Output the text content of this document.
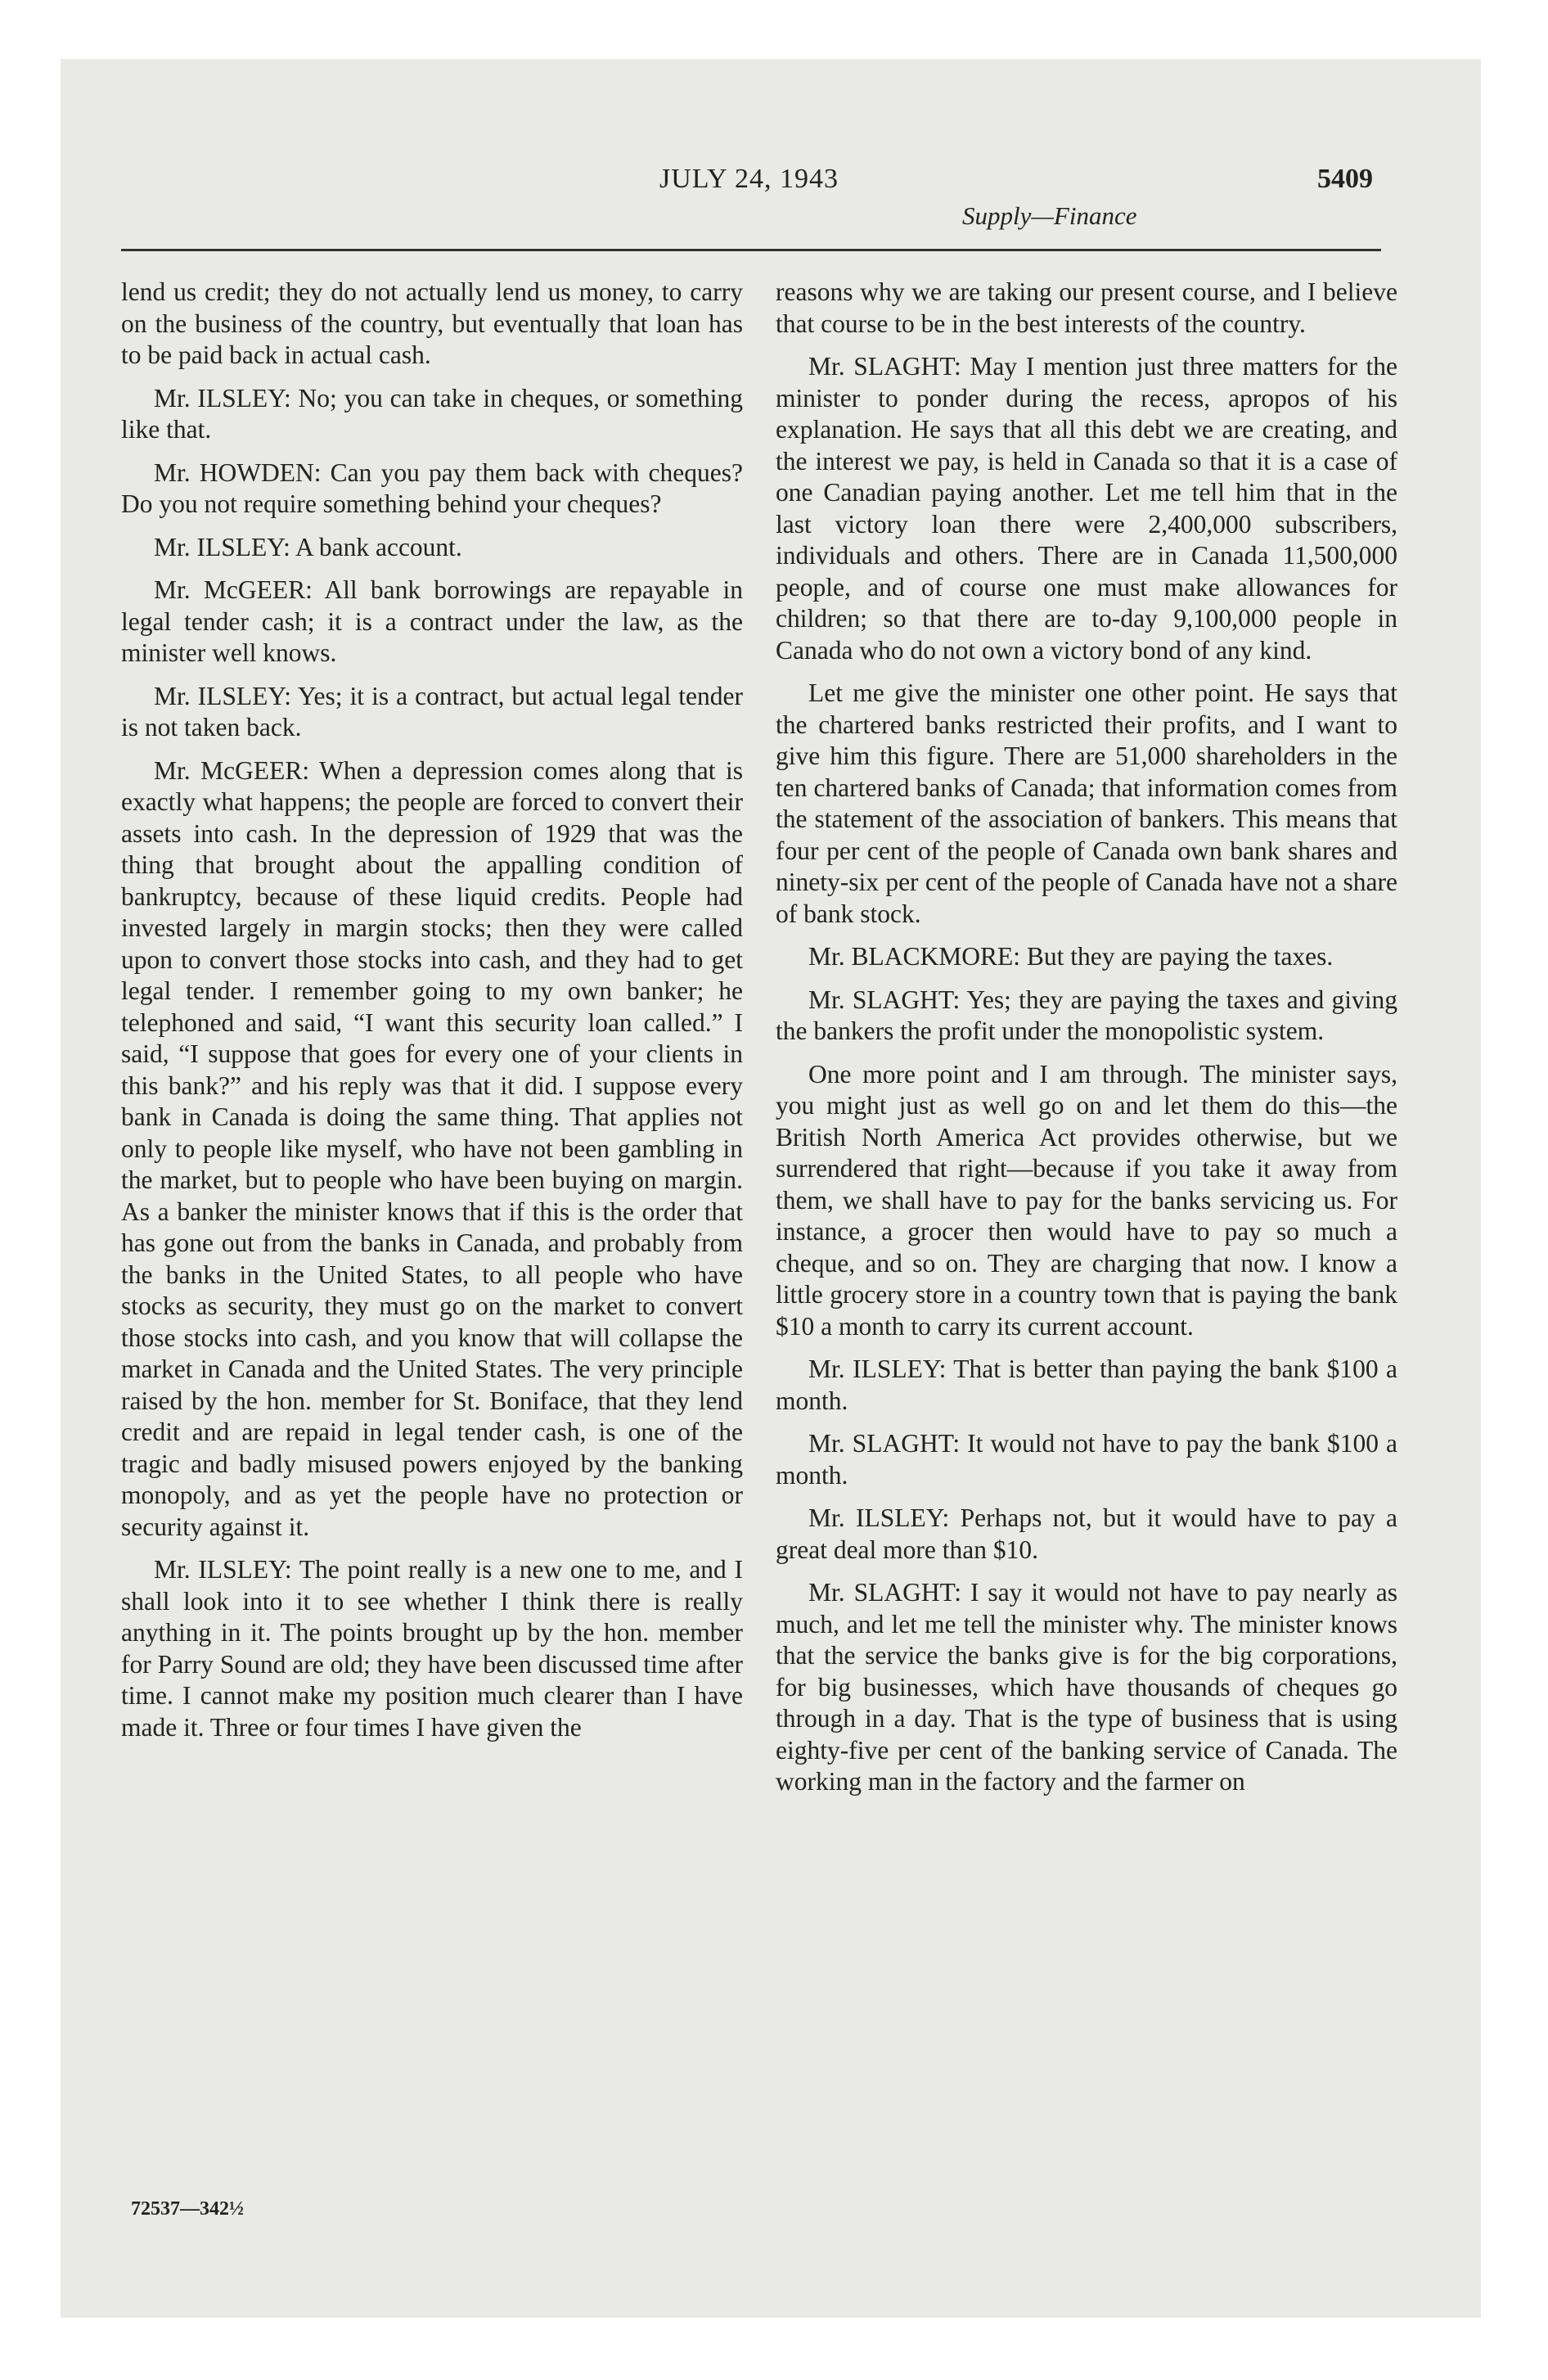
JULY 24, 1943
Supply—Finance
5409

lend us credit; they do not actually lend us money, to carry on the business of the country, but eventually that loan has to be paid back in actual cash.

Mr. ILSLEY: No; you can take in cheques, or something like that.

Mr. HOWDEN: Can you pay them back with cheques? Do you not require something behind your cheques?

Mr. ILSLEY: A bank account.

Mr. McGEER: All bank borrowings are repayable in legal tender cash; it is a contract under the law, as the minister well knows.

Mr. ILSLEY: Yes; it is a contract, but actual legal tender is not taken back.

Mr. McGEER: When a depression comes along that is exactly what happens; the people are forced to convert their assets into cash. In the depression of 1929 that was the thing that brought about the appalling condition of bankruptcy, because of these liquid credits. People had invested largely in margin stocks; then they were called upon to convert those stocks into cash, and they had to get legal tender. I remember going to my own banker; he telephoned and said, “I want this security loan called.” I said, “I suppose that goes for every one of your clients in this bank?” and his reply was that it did. I suppose every bank in Canada is doing the same thing. That applies not only to people like myself, who have not been gambling in the market, but to people who have been buying on margin. As a banker the minister knows that if this is the order that has gone out from the banks in Canada, and probably from the banks in the United States, to all people who have stocks as security, they must go on the market to convert those stocks into cash, and you know that will collapse the market in Canada and the United States. The very principle raised by the hon. member for St. Boniface, that they lend credit and are repaid in legal tender cash, is one of the tragic and badly misused powers enjoyed by the banking monopoly, and as yet the people have no protection or security against it.

Mr. ILSLEY: The point really is a new one to me, and I shall look into it to see whether I think there is really anything in it. The points brought up by the hon. member for Parry Sound are old; they have been discussed time after time. I cannot make my position much clearer than I have made it. Three or four times I have given the

reasons why we are taking our present course, and I believe that course to be in the best interests of the country.

Mr. SLAGHT: May I mention just three matters for the minister to ponder during the recess, apropos of his explanation. He says that all this debt we are creating, and the interest we pay, is held in Canada so that it is a case of one Canadian paying another. Let me tell him that in the last victory loan there were 2,400,000 subscribers, individuals and others. There are in Canada 11,500,000 people, and of course one must make allowances for children; so that there are to-day 9,100,000 people in Canada who do not own a victory bond of any kind.

Let me give the minister one other point. He says that the chartered banks restricted their profits, and I want to give him this figure. There are 51,000 shareholders in the ten chartered banks of Canada; that information comes from the statement of the association of bankers. This means that four per cent of the people of Canada own bank shares and ninety-six per cent of the people of Canada have not a share of bank stock.

Mr. BLACKMORE: But they are paying the taxes.

Mr. SLAGHT: Yes; they are paying the taxes and giving the bankers the profit under the monopolistic system.

One more point and I am through. The minister says, you might just as well go on and let them do this—the British North America Act provides otherwise, but we surrendered that right—because if you take it away from them, we shall have to pay for the banks servicing us. For instance, a grocer then would have to pay so much a cheque, and so on. They are charging that now. I know a little grocery store in a country town that is paying the bank $10 a month to carry its current account.

Mr. ILSLEY: That is better than paying the bank $100 a month.

Mr. SLAGHT: It would not have to pay the bank $100 a month.

Mr. ILSLEY: Perhaps not, but it would have to pay a great deal more than $10.

Mr. SLAGHT: I say it would not have to pay nearly as much, and let me tell the minister why. The minister knows that the service the banks give is for the big corporations, for big businesses, which have thousands of cheques go through in a day. That is the type of business that is using eighty-five per cent of the banking service of Canada. The working man in the factory and the farmer on

72537—342½
